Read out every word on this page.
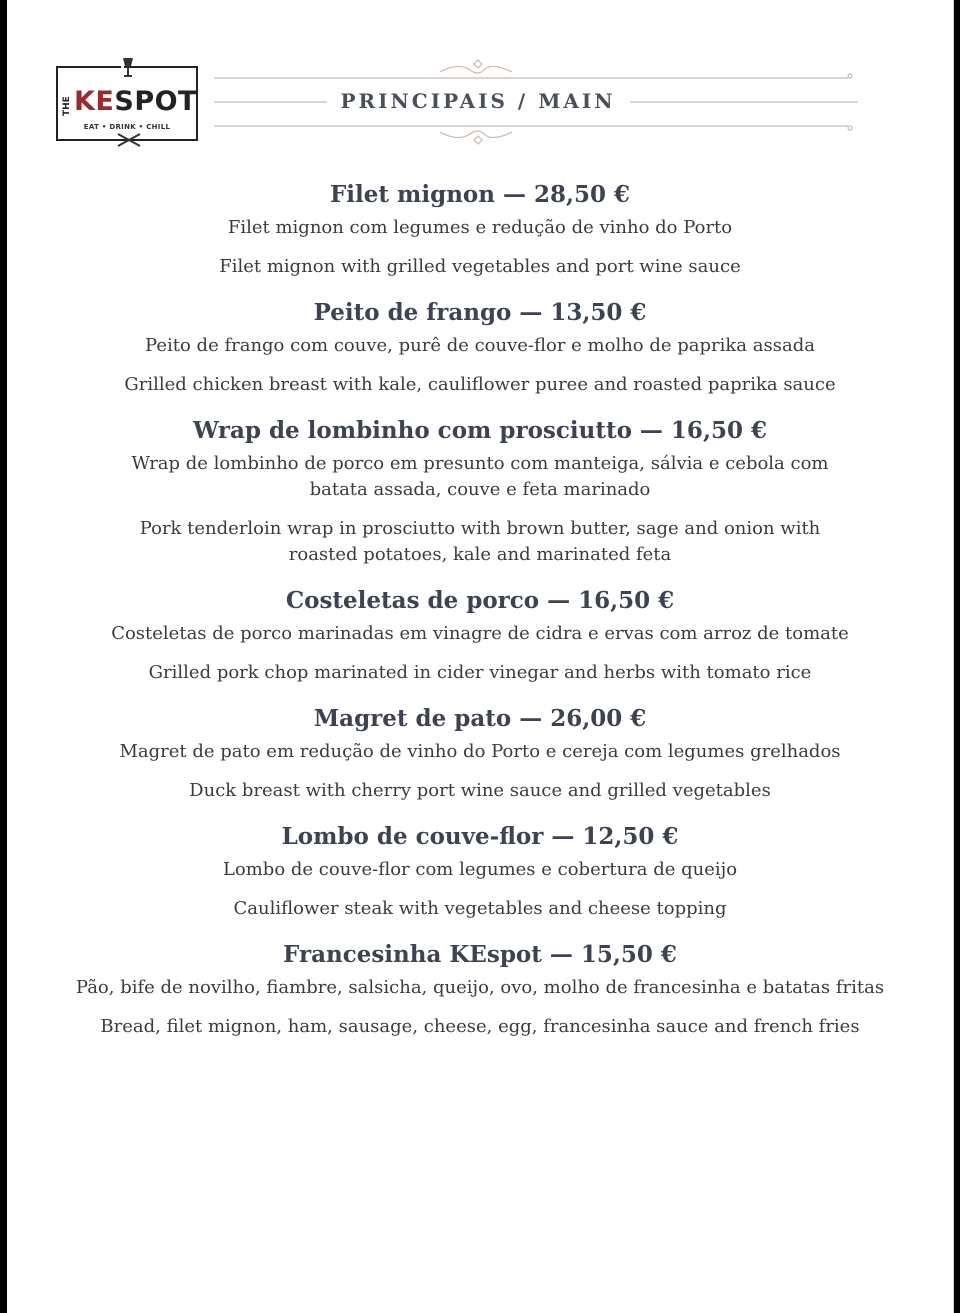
THE KESPOT
EAT • DRINK • CHILL
PRINCIPAIS / MAIN
Filet mignon — 28,50 €
Filet mignon com legumes e redução de vinho do Porto
Filet mignon with grilled vegetables and port wine sauce
Peito de frango — 13,50 €
Peito de frango com couve, purê de couve-flor e molho de paprika assada
Grilled chicken breast with kale, cauliflower puree and roasted paprika sauce
Wrap de lombinho com prosciutto — 16,50 €
Wrap de lombinho de porco em presunto com manteiga, sálvia e cebola com batata assada, couve e feta marinado
Pork tenderloin wrap in prosciutto with brown butter, sage and onion with roasted potatoes, kale and marinated feta
Costeletas de porco — 16,50 €
Costeletas de porco marinadas em vinagre de cidra e ervas com arroz de tomate
Grilled pork chop marinated in cider vinegar and herbs with tomato rice
Magret de pato — 26,00 €
Magret de pato em redução de vinho do Porto e cereja com legumes grelhados
Duck breast with cherry port wine sauce and grilled vegetables
Lombo de couve-flor — 12,50 €
Lombo de couve-flor com legumes e cobertura de queijo
Cauliflower steak with vegetables and cheese topping
Francesinha KEspot — 15,50 €
Pão, bife de novilho, fiambre, salsicha, queijo, ovo, molho de francesinha e batatas fritas
Bread, filet mignon, ham, sausage, cheese, egg, francesinha sauce and french fries
